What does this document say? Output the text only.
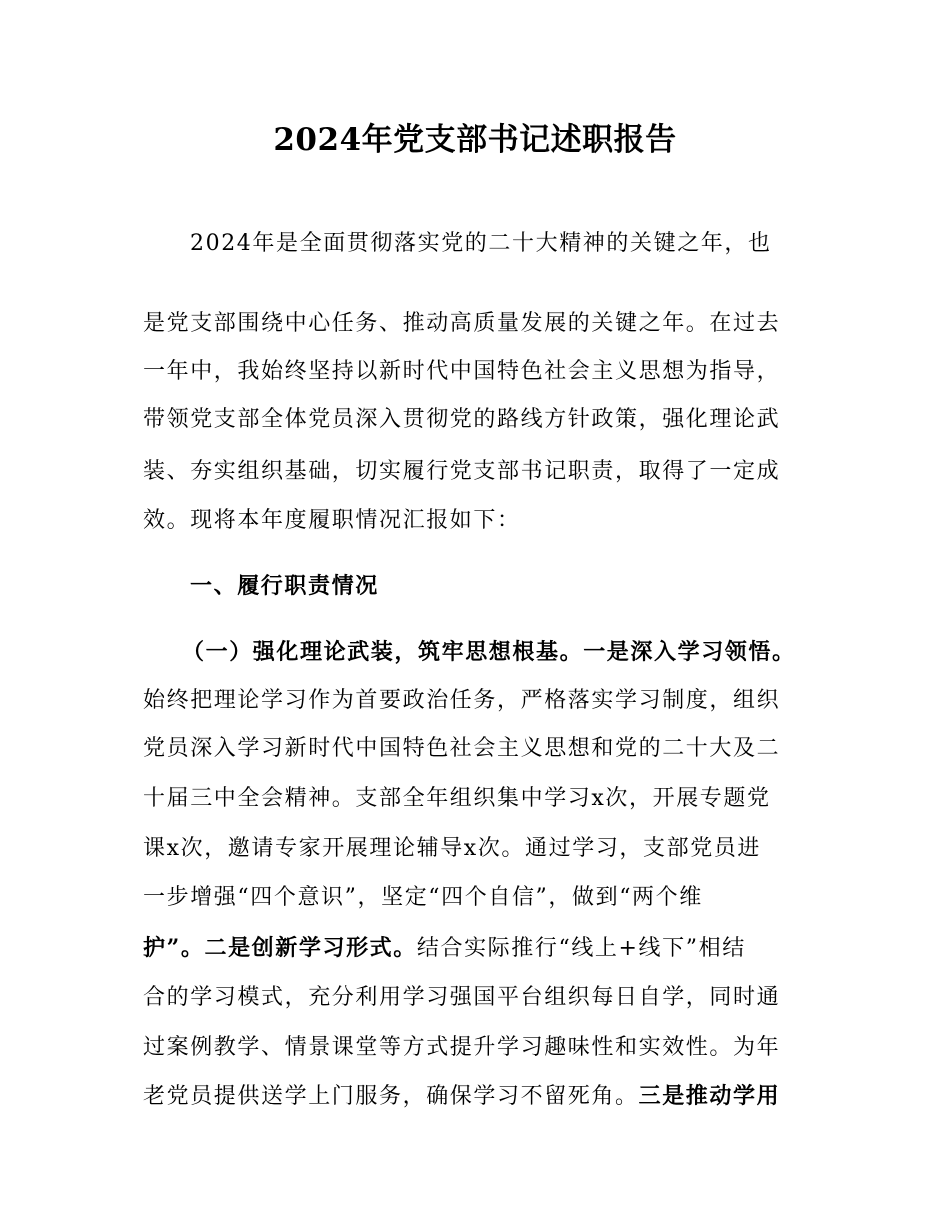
2024年党支部书记述职报告
2024年是全面贯彻落实党的二十大精神的关键之年，也
是党支部围绕中心任务、推动高质量发展的关键之年。在过去
一年中，我始终坚持以新时代中国特色社会主义思想为指导，
带领党支部全体党员深入贯彻党的路线方针政策，强化理论武
装、夯实组织基础，切实履行党支部书记职责，取得了一定成
效。现将本年度履职情况汇报如下：
一、履行职责情况
（一）强化理论武装，筑牢思想根基。一是深入学习领悟。
始终把理论学习作为首要政治任务，严格落实学习制度，组织
党员深入学习新时代中国特色社会主义思想和党的二十大及二
十届三中全会精神。支部全年组织集中学习x次，开展专题党
课x次，邀请专家开展理论辅导x次。通过学习，支部党员进
一步增强“四个意识”，坚定“四个自信”，做到“两个维
护”。二是创新学习形式。结合实际推行“线上+线下”相结
合的学习模式，充分利用学习强国平台组织每日自学，同时通
过案例教学、情景课堂等方式提升学习趣味性和实效性。为年
老党员提供送学上门服务，确保学习不留死角。三是推动学用
